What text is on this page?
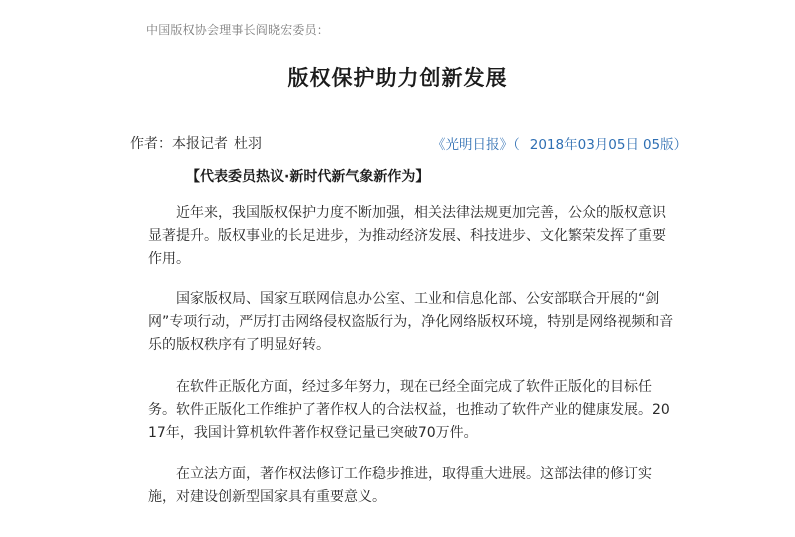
中国版权协会理事长阎晓宏委员：
版权保护助力创新发展
作者：本报记者 杜羽	《光明日报》（ 2018年03月05日 05版）
【代表委员热议·新时代新气象新作为】

近年来，我国版权保护力度不断加强，相关法律法规更加完善，公众的版权意识显著提升。版权事业的长足进步，为推动经济发展、科技进步、文化繁荣发挥了重要作用。

国家版权局、国家互联网信息办公室、工业和信息化部、公安部联合开展的“剑网”专项行动，严厉打击网络侵权盗版行为，净化网络版权环境，特别是网络视频和音乐的版权秩序有了明显好转。

在软件正版化方面，经过多年努力，现在已经全面完成了软件正版化的目标任务。软件正版化工作维护了著作权人的合法权益，也推动了软件产业的健康发展。2017年，我国计算机软件著作权登记量已突破70万件。

在立法方面，著作权法修订工作稳步推进，取得重大进展。这部法律的修订实施，对建设创新型国家具有重要意义。
